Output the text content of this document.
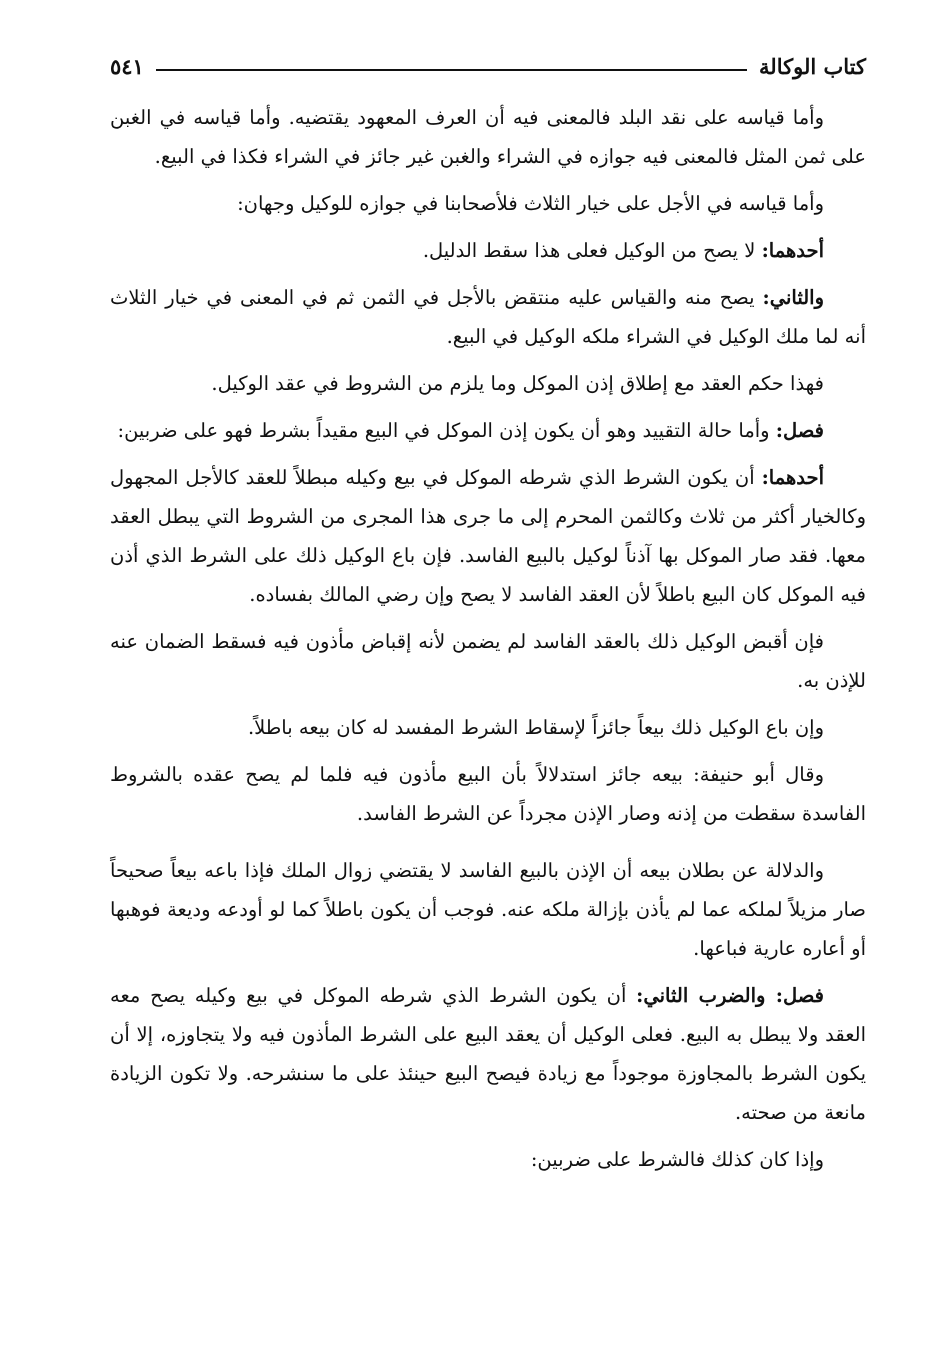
كتاب الوكالة
٥٤١

وأما قياسه على نقد البلد فالمعنى فيه أن العرف المعهود يقتضيه. وأما قياسه في الغبن على ثمن المثل فالمعنى فيه جوازه في الشراء والغبن غير جائز في الشراء فكذا في البيع.

وأما قياسه في الأجل على خيار الثلاث فلأصحابنا في جوازه للوكيل وجهان:

أحدهما: لا يصح من الوكيل فعلى هذا سقط الدليل.

والثاني: يصح منه والقياس عليه منتقض بالأجل في الثمن ثم في المعنى في خيار الثلاث أنه لما ملك الوكيل في الشراء ملكه الوكيل في البيع.

فهذا حكم العقد مع إطلاق إذن الموكل وما يلزم من الشروط في عقد الوكيل.

فصل: وأما حالة التقييد وهو أن يكون إذن الموكل في البيع مقيداً بشرط فهو على ضربين:

أحدهما: أن يكون الشرط الذي شرطه الموكل في بيع وكيله مبطلاً للعقد كالأجل المجهول وكالخيار أكثر من ثلاث وكالثمن المحرم إلى ما جرى هذا المجرى من الشروط التي يبطل العقد معها. فقد صار الموكل بها آذناً لوكيل بالبيع الفاسد. فإن باع الوكيل ذلك على الشرط الذي أذن فيه الموكل كان البيع باطلاً لأن العقد الفاسد لا يصح وإن رضي المالك بفساده.

فإن أقبض الوكيل ذلك بالعقد الفاسد لم يضمن لأنه إقباض مأذون فيه فسقط الضمان عنه للإذن به.

وإن باع الوكيل ذلك بيعاً جائزاً لإسقاط الشرط المفسد له كان بيعه باطلاً.

وقال أبو حنيفة: بيعه جائز استدلالاً بأن البيع مأذون فيه فلما لم يصح عقده بالشروط الفاسدة سقطت من إذنه وصار الإذن مجرداً عن الشرط الفاسد.

والدلالة عن بطلان بيعه أن الإذن بالبيع الفاسد لا يقتضي زوال الملك فإذا باعه بيعاً صحيحاً صار مزيلاً لملكه عما لم يأذن بإزالة ملكه عنه. فوجب أن يكون باطلاً كما لو أودعه وديعة فوهبها أو أعاره عارية فباعها.

فصل: والضرب الثاني: أن يكون الشرط الذي شرطه الموكل في بيع وكيله يصح معه العقد ولا يبطل به البيع. فعلى الوكيل أن يعقد البيع على الشرط المأذون فيه ولا يتجاوزه، إلا أن يكون الشرط بالمجاوزة موجوداً مع زيادة فيصح البيع حينئذ على ما سنشرحه. ولا تكون الزيادة مانعة من صحته.

وإذا كان كذلك فالشرط على ضربين:
